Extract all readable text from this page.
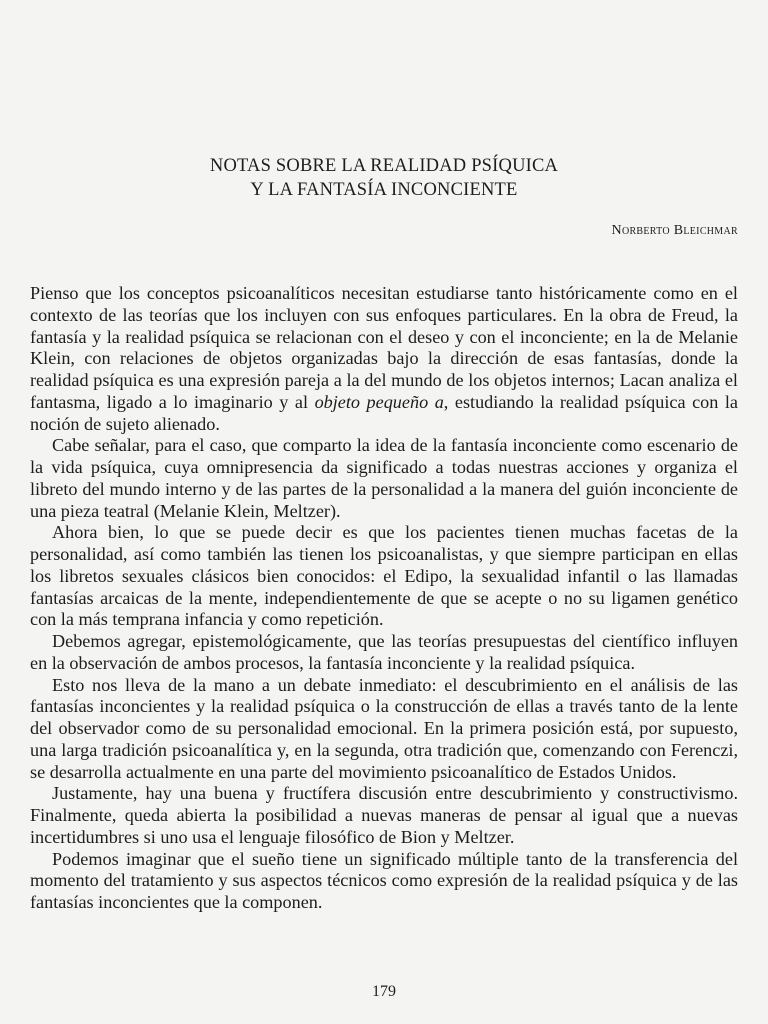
NOTAS SOBRE LA REALIDAD PSÍQUICA
Y LA FANTASÍA INCONCIENTE
Norberto Bleichmar

Pienso que los conceptos psicoanalíticos necesitan estudiarse tanto históricamente como en el contexto de las teorías que los incluyen con sus enfoques particulares. En la obra de Freud, la fantasía y la realidad psíquica se relacionan con el deseo y con el inconciente; en la de Melanie Klein, con relaciones de objetos organizadas bajo la dirección de esas fantasías, donde la realidad psíquica es una expresión pareja a la del mundo de los objetos internos; Lacan analiza el fantasma, ligado a lo imaginario y al objeto pequeño a, estudiando la realidad psíquica con la noción de sujeto alienado.

Cabe señalar, para el caso, que comparto la idea de la fantasía inconciente como escenario de la vida psíquica, cuya omnipresencia da significado a todas nuestras acciones y organiza el libreto del mundo interno y de las partes de la personalidad a la manera del guión inconciente de una pieza teatral (Melanie Klein, Meltzer).

Ahora bien, lo que se puede decir es que los pacientes tienen muchas facetas de la personalidad, así como también las tienen los psicoanalistas, y que siempre participan en ellas los libretos sexuales clásicos bien conocidos: el Edipo, la sexualidad infantil o las llamadas fantasías arcaicas de la mente, independientemente de que se acepte o no su ligamen genético con la más temprana infancia y como repetición.

Debemos agregar, epistemológicamente, que las teorías presupuestas del científico influyen en la observación de ambos procesos, la fantasía inconciente y la realidad psíquica.

Esto nos lleva de la mano a un debate inmediato: el descubrimiento en el análisis de las fantasías inconcientes y la realidad psíquica o la construcción de ellas a través tanto de la lente del observador como de su personalidad emocional. En la primera posición está, por supuesto, una larga tradición psicoanalítica y, en la segunda, otra tradición que, comenzando con Ferenczi, se desarrolla actualmente en una parte del movimiento psicoanalítico de Estados Unidos.

Justamente, hay una buena y fructífera discusión entre descubrimiento y constructivismo. Finalmente, queda abierta la posibilidad a nuevas maneras de pensar al igual que a nuevas incertidumbres si uno usa el lenguaje filosófico de Bion y Meltzer.

Podemos imaginar que el sueño tiene un significado múltiple tanto de la transferencia del momento del tratamiento y sus aspectos técnicos como expresión de la realidad psíquica y de las fantasías inconcientes que la componen.

179
